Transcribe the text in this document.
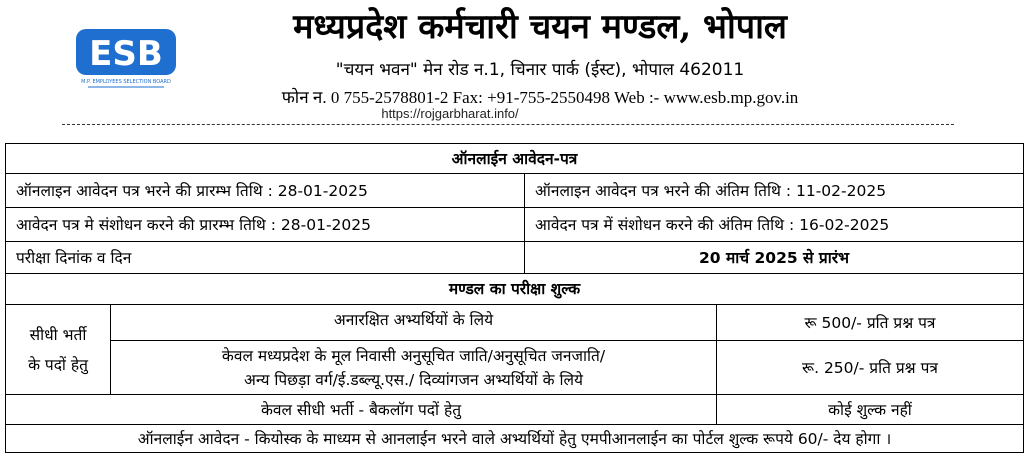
ESB
M.P. EMPLOYEES SELECTION BOARD
मध्यप्रदेश कर्मचारी चयन मण्डल, भोपाल
"चयन भवन" मेन रोड न.1, चिनार पार्क (ईस्ट), भोपाल 462011
फोन न. 0 755-2578801-2 Fax: +91-755-2550498 Web :- www.esb.mp.gov.in
https://rojgarbharat.info/
ऑनलाईन आवेदन-पत्र			
ऑनलाइन आवेदन पत्र भरने की प्रारम्भ तिथि : 28-01-2025		ऑनलाइन आवेदन पत्र भरने की अंतिम तिथि : 11-02-2025	
आवेदन पत्र मे संशोधन करने की प्रारम्भ तिथि : 28-01-2025		आवेदन पत्र में संशोधन करने की अंतिम तिथि : 16-02-2025	
परीक्षा दिनांक व दिन		20 मार्च 2025 से प्रारंभ	
मण्डल का परीक्षा शुल्क			

सीधी भर्ती
के पदों हेतु	अनारक्षित अभ्यर्थियों के लिये		रू 500/- प्रति प्रश्न पत्र

	केवल मध्यप्रदेश के मूल निवासी अनुसूचित जाति/अनुसूचित जनजाति/
अन्य पिछड़ा वर्ग/ई.डब्ल्यू.एस./ दिव्यांगजन अभ्यर्थियों के लिये		रू. 250/- प्रति प्रश्न पत्र
केवल सीधी भर्ती - बैकलॉग पदों हेतु			कोई शुल्क नहीं
ऑनलाईन आवेदन - कियोस्क के माध्यम से आनलाईन भरने वाले अभ्यर्थियों हेतु एमपीआनलाईन का पोर्टल शुल्क रूपये 60/- देय होगा ।			
